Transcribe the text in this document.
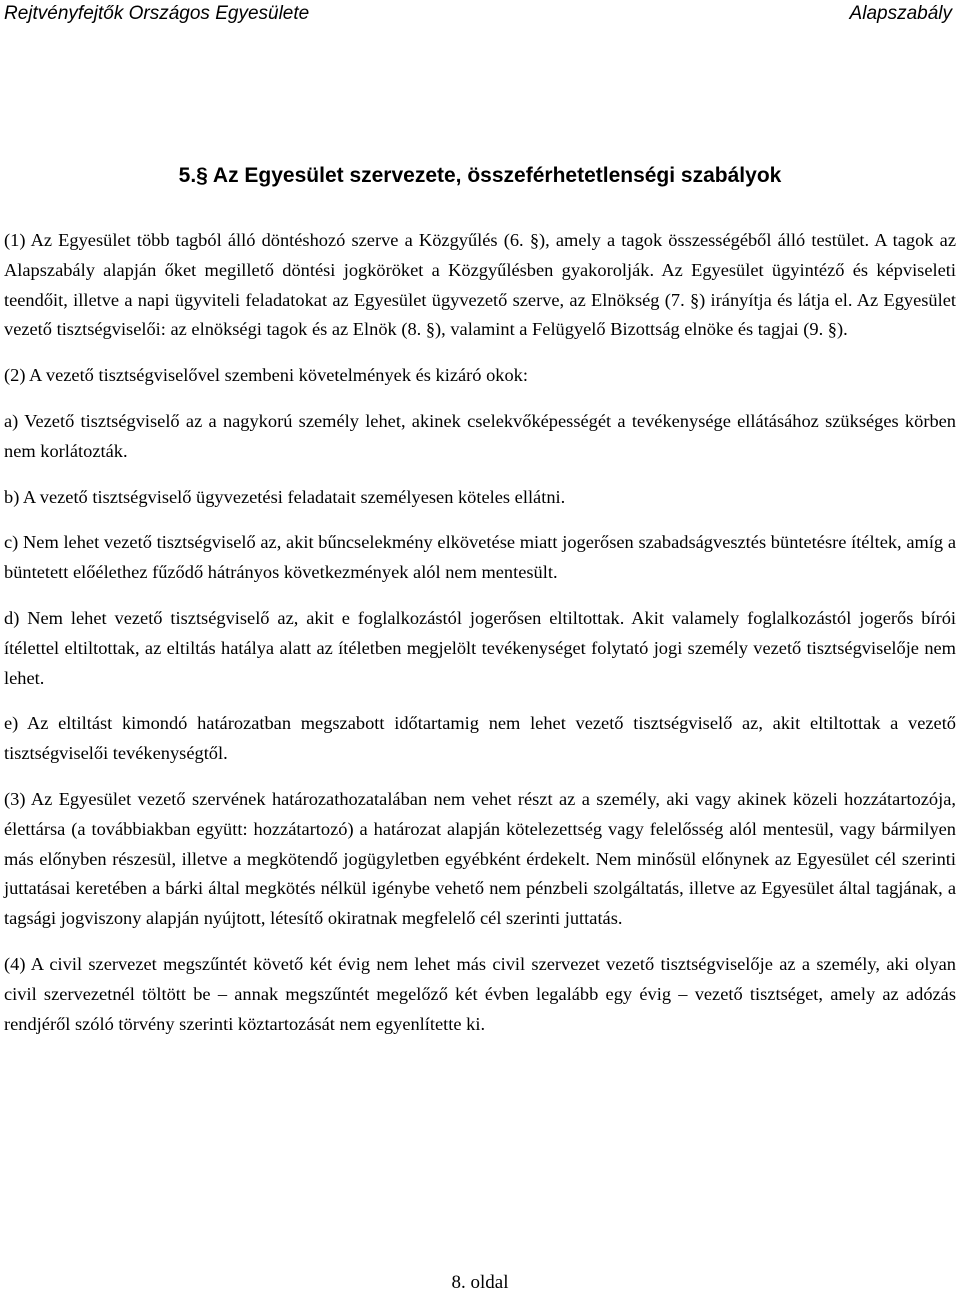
Rejtvényfejtők Országos Egyesülete	Alapszabály
5.§ Az Egyesület szervezete, összeférhetetlenségi szabályok

(1) Az Egyesület több tagból álló döntéshozó szerve a Közgyűlés (6. §), amely a tagok összességéből álló testület. A tagok az Alapszabály alapján őket megillető döntési jogköröket a Közgyűlésben gyakorolják. Az Egyesület ügyintéző és képviseleti teendőit, illetve a napi ügyviteli feladatokat az Egyesület ügyvezető szerve, az Elnökség (7. §) irányítja és látja el. Az Egyesület vezető tisztségviselői: az elnökségi tagok és az Elnök (8. §), valamint a Felügyelő Bizottság elnöke és tagjai (9. §).

(2) A vezető tisztségviselővel szembeni követelmények és kizáró okok:

a) Vezető tisztségviselő az a nagykorú személy lehet, akinek cselekvőképességét a tevékenysége ellátásához szükséges körben nem korlátozták.

b) A vezető tisztségviselő ügyvezetési feladatait személyesen köteles ellátni.

c) Nem lehet vezető tisztségviselő az, akit bűncselekmény elkövetése miatt jogerősen szabadságvesztés büntetésre ítéltek, amíg a büntetett előélethez fűződő hátrányos következmények alól nem mentesült.

d) Nem lehet vezető tisztségviselő az, akit e foglalkozástól jogerősen eltiltottak. Akit valamely foglalkozástól jogerős bírói ítélettel eltiltottak, az eltiltás hatálya alatt az ítéletben megjelölt tevékenységet folytató jogi személy vezető tisztségviselője nem lehet.

e) Az eltiltást kimondó határozatban megszabott időtartamig nem lehet vezető tisztségviselő az, akit eltiltottak a vezető tisztségviselői tevékenységtől.

(3) Az Egyesület vezető szervének határozathozatalában nem vehet részt az a személy, aki vagy akinek közeli hozzátartozója, élettársa (a továbbiakban együtt: hozzátartozó) a határozat alapján kötelezettség vagy felelősség alól mentesül, vagy bármilyen más előnyben részesül, illetve a megkötendő jogügyletben egyébként érdekelt. Nem minősül előnynek az Egyesület cél szerinti juttatásai keretében a bárki által megkötés nélkül igénybe vehető nem pénzbeli szolgáltatás, illetve az Egyesület által tagjának, a tagsági jogviszony alapján nyújtott, létesítő okiratnak megfelelő cél szerinti juttatás.

(4) A civil szervezet megszűntét követő két évig nem lehet más civil szervezet vezető tisztségviselője az a személy, aki olyan civil szervezetnél töltött be – annak megszűntét megelőző két évben legalább egy évig – vezető tisztséget, amely az adózás rendjéről szóló törvény szerinti köztartozását nem egyenlítette ki.

8. oldal
